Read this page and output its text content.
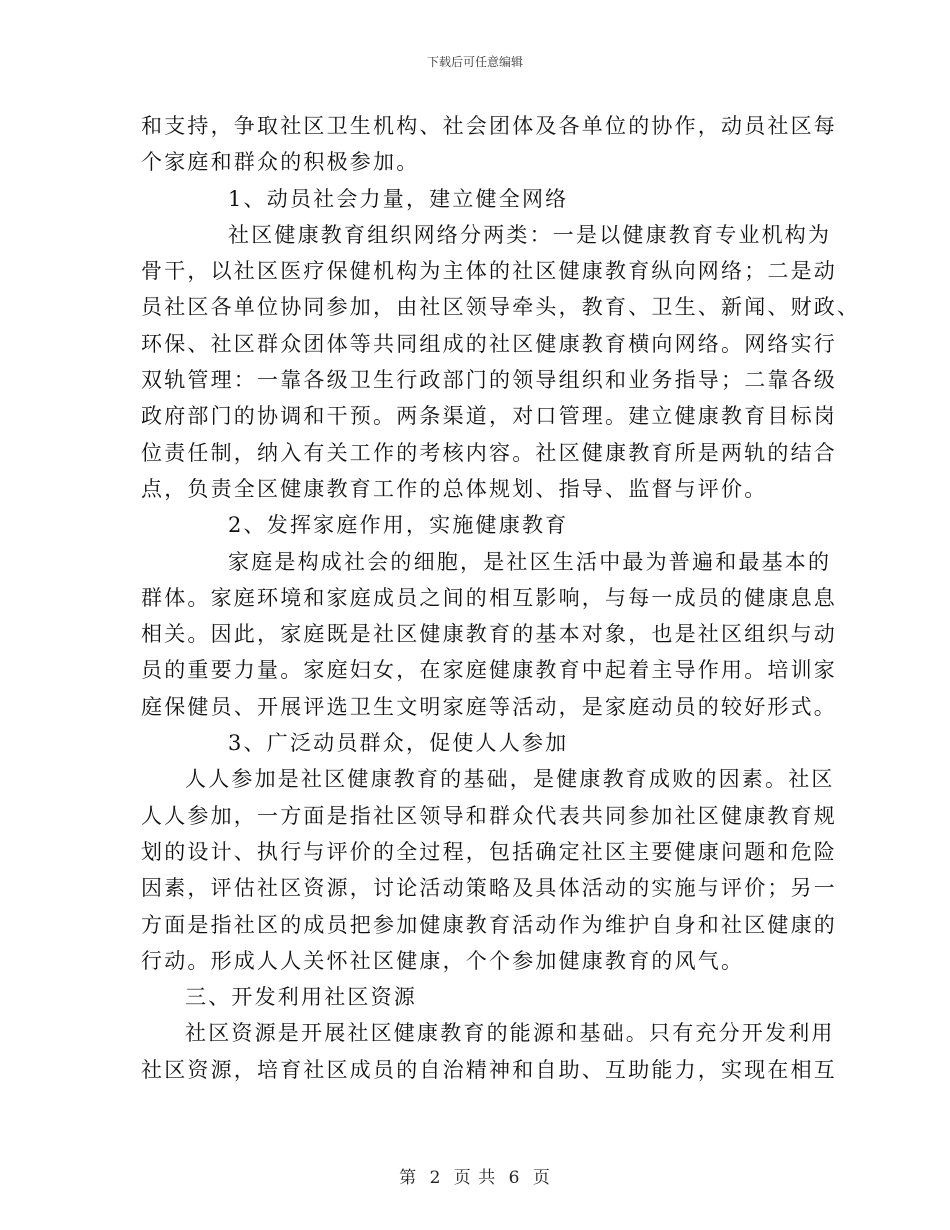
下载后可任意编辑
和支持，争取社区卫生机构、社会团体及各单位的协作，动员社区每
个家庭和群众的积极参加。
1、动员社会力量，建立健全网络
社区健康教育组织网络分两类：一是以健康教育专业机构为
骨干，以社区医疗保健机构为主体的社区健康教育纵向网络；二是动
员社区各单位协同参加，由社区领导牵头，教育、卫生、新闻、财政、
环保、社区群众团体等共同组成的社区健康教育横向网络。网络实行
双轨管理：一靠各级卫生行政部门的领导组织和业务指导；二靠各级
政府部门的协调和干预。两条渠道，对口管理。建立健康教育目标岗
位责任制，纳入有关工作的考核内容。社区健康教育所是两轨的结合
点，负责全区健康教育工作的总体规划、指导、监督与评价。
2、发挥家庭作用，实施健康教育
家庭是构成社会的细胞，是社区生活中最为普遍和最基本的
群体。家庭环境和家庭成员之间的相互影响，与每一成员的健康息息
相关。因此，家庭既是社区健康教育的基本对象，也是社区组织与动
员的重要力量。家庭妇女，在家庭健康教育中起着主导作用。培训家
庭保健员、开展评选卫生文明家庭等活动，是家庭动员的较好形式。
3、广泛动员群众，促使人人参加
人人参加是社区健康教育的基础，是健康教育成败的因素。社区
人人参加，一方面是指社区领导和群众代表共同参加社区健康教育规
划的设计、执行与评价的全过程，包括确定社区主要健康问题和危险
因素，评估社区资源，讨论活动策略及具体活动的实施与评价；另一
方面是指社区的成员把参加健康教育活动作为维护自身和社区健康的
行动。形成人人关怀社区健康，个个参加健康教育的风气。
三、开发利用社区资源
社区资源是开展社区健康教育的能源和基础。只有充分开发利用
社区资源，培育社区成员的自治精神和自助、互助能力，实现在相互
第 2 页 共 6 页
